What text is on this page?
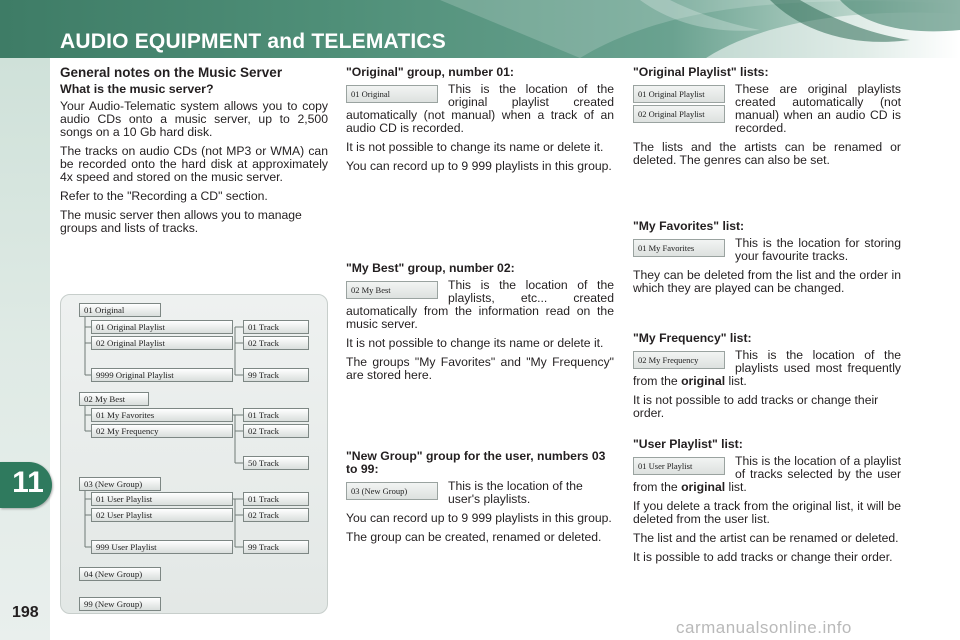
AUDIO EQUIPMENT and TELEMATICS
11
198
General notes on the Music Server
What is the music server?

Your Audio-Telematic system allows you to copy audio CDs onto a music server, up to 2,500 songs on a 10 Gb hard disk.

The tracks on audio CDs (not MP3 or WMA) can be recorded onto the hard disk at approximately 4x speed and stored on the music server.

Refer to the "Recording a CD" section.

The music server then allows you to manage groups and lists of tracks.

01 Original
01 Original Playlist
02 Original Playlist
9999 Original Playlist
01 Track
02 Track
99 Track
02 My Best
01 My Favorites
02 My Frequency
01 Track
02 Track
50 Track
03 (New Group)
01 User Playlist
02 User Playlist
999 User Playlist
01 Track
02 Track
99 Track
04 (New Group)
99 (New Group)
"Original" group, number 01:
01 Original	This is the location of the original playlist created automatically (not manual) when a track of an audio CD is recorded.

It is not possible to change its name or delete it.

You can record up to 9 999 playlists in this group.

"My Best" group, number 02:
02 My Best	This is the location of the playlists, etc... created automatically from the information read on the music server.

It is not possible to change its name or delete it.

The groups "My Favorites" and "My Frequency" are stored here.

"New Group" group for the user, numbers 03 to 99:
03 (New Group)	This is the location of the user's playlists.

You can record up to 9 999 playlists in this group.

The group can be created, renamed or deleted.

"Original Playlist" lists:
01 Original Playlist
02 Original Playlist

These are original playlists created automatically (not manual) when an audio CD is recorded.

The lists and the artists can be renamed or deleted. The genres can also be set.

"My Favorites" list:
01 My Favorites	This is the location for storing your favourite tracks.

They can be deleted from the list and the order in which they are played can be changed.

"My Frequency" list:
02 My Frequency	This is the location of the playlists used most frequently from the original list.

It is not possible to add tracks or change their order.

"User Playlist" list:
01 User Playlist	This is the location of a playlist of tracks selected by the user from the original list.

If you delete a track from the original list, it will be deleted from the user list.

The list and the artist can be renamed or deleted.

It is possible to add tracks or change their order.

carmanualsonline.info
